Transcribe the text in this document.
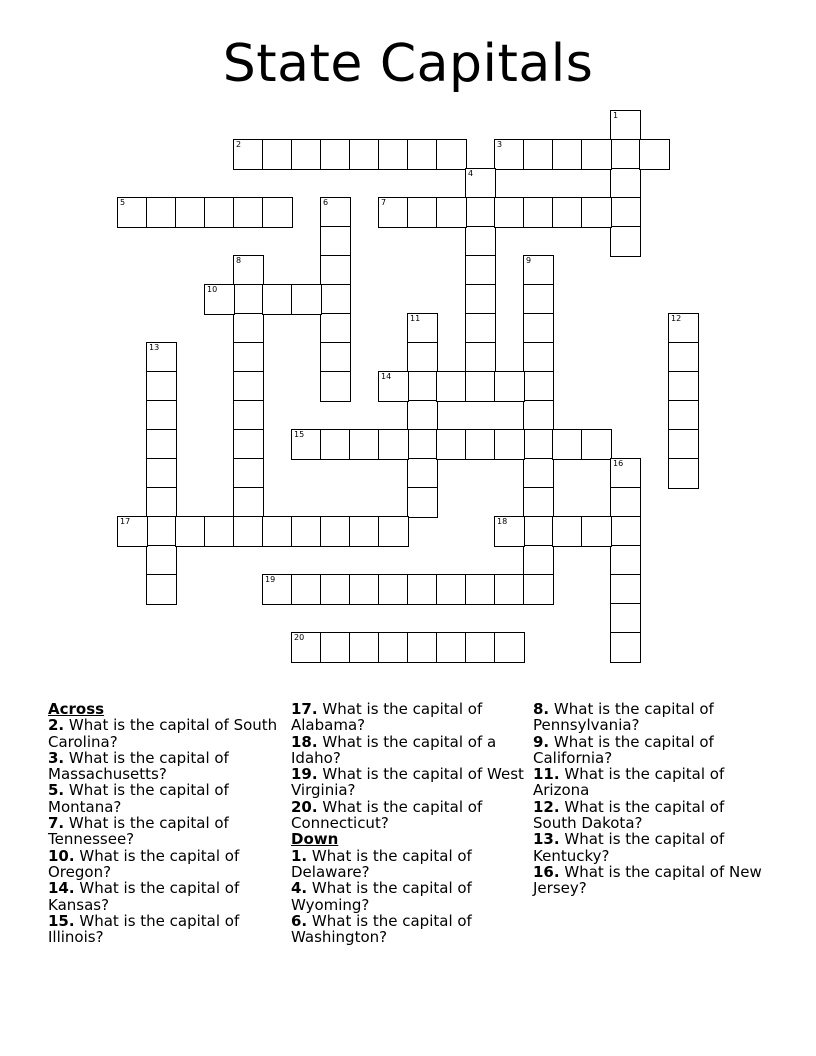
State Capitals
1
2	3
4
5	6	7
8	9
10
11	12
13
14
15
16
17	18
19
20
Across
2. What is the capital of South Carolina?
3. What is the capital of Massachusetts?
5. What is the capital of Montana?
7. What is the capital of Tennessee?
10. What is the capital of Oregon?
14. What is the capital of Kansas?
15. What is the capital of Illinois?
17. What is the capital of Alabama?
18. What is the capital of a Idaho?
19. What is the capital of West Virginia?
20. What is the capital of Connecticut?
Down
1. What is the capital of Delaware?
4. What is the capital of Wyoming?
6. What is the capital of Washington?
8. What is the capital of Pennsylvania?
9. What is the capital of California?
11. What is the capital of Arizona
12. What is the capital of South Dakota?
13. What is the capital of Kentucky?
16. What is the capital of New Jersey?
